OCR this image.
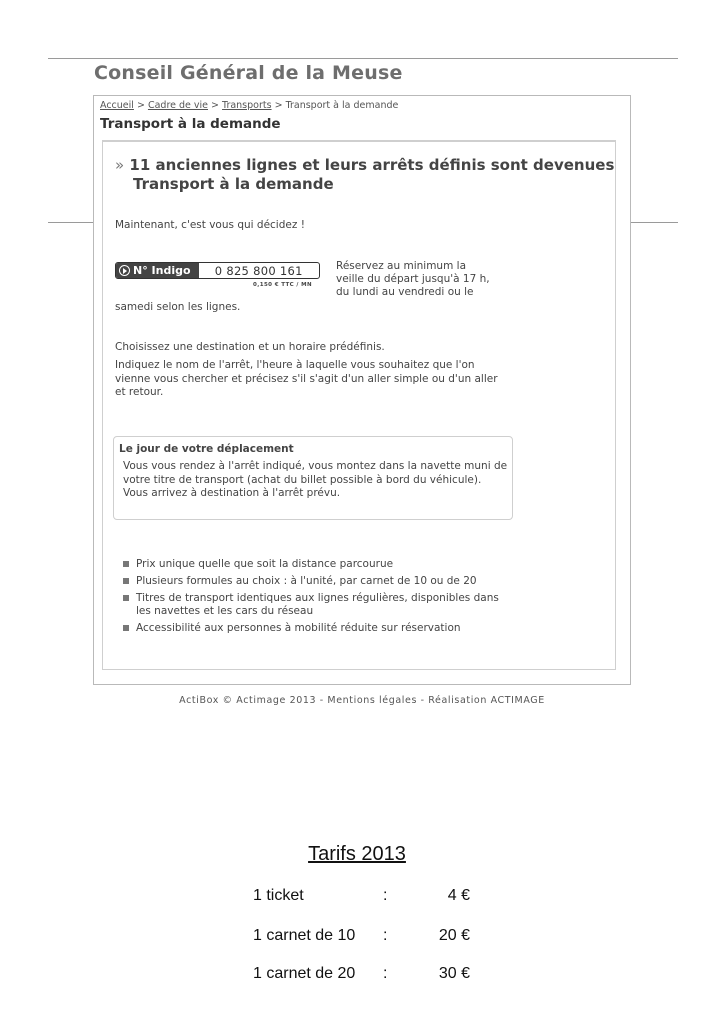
Conseil Général de la Meuse
Accueil > Cadre de vie > Transports > Transport à la demande
Transport à la demande
» 11 anciennes lignes et leurs arrêts définis sont devenues
Transport à la demande
Maintenant, c'est vous qui décidez !
N° Indigo	0 825 800 161
0,150 € TTC / MN
Réservez au minimum la
veille du départ jusqu'à 17 h,
du lundi au vendredi ou le
samedi selon les lignes.
Choisissez une destination et un horaire prédéfinis.
Indiquez le nom de l'arrêt, l'heure à laquelle vous souhaitez que l'on vienne vous chercher et précisez s'il s'agit d'un aller simple ou d'un aller et retour.
Le jour de votre déplacement
Vous vous rendez à l'arrêt indiqué, vous montez dans la navette muni de votre titre de transport (achat du billet possible à bord du véhicule). Vous arrivez à destination à l'arrêt prévu.
Prix unique quelle que soit la distance parcourue
Plusieurs formules au choix : à l'unité, par carnet de 10 ou de 20
Titres de transport identiques aux lignes régulières, disponibles dans les navettes et les cars du réseau
Accessibilité aux personnes à mobilité réduite sur réservation
ActiBox © Actimage 2013 - Mentions légales - Réalisation ACTIMAGE
Tarifs 2013
1 ticket	:	4 €
1 carnet de 10 :	20 €
1 carnet de 20 :	30 €
